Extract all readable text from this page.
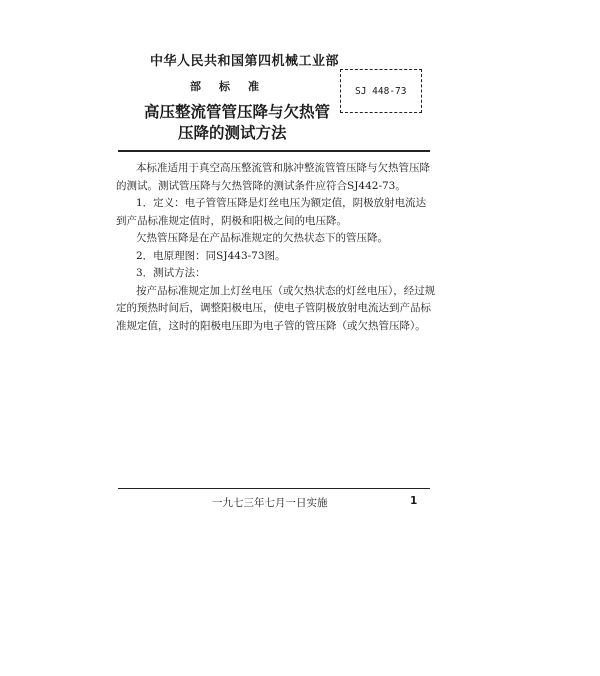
中华人民共和国第四机械工业部
部标准	SJ 448-73
高压整流管管压降与欠热管
压降的测试方法

本标准适用于真空高压整流管和脉冲整流管管压降与欠热管压降的测试。测试管压降与欠热管降的测试条件应符合SJ442-73。

1．定义：电子管管压降是灯丝电压为额定值，阴极放射电流达到产品标准规定值时，阴极和阳极之间的电压降。

欠热管压降是在产品标准规定的欠热状态下的管压降。

2．电原理图：同SJ443-73图。

3．测试方法：

按产品标准规定加上灯丝电压（或欠热状态的灯丝电压），经过规定的预热时间后，调整阳极电压，使电子管阴极放射电流达到产品标准规定值，这时的阳极电压即为电子管的管压降（或欠热管压降）。

一九七三年七月一日实施	1
